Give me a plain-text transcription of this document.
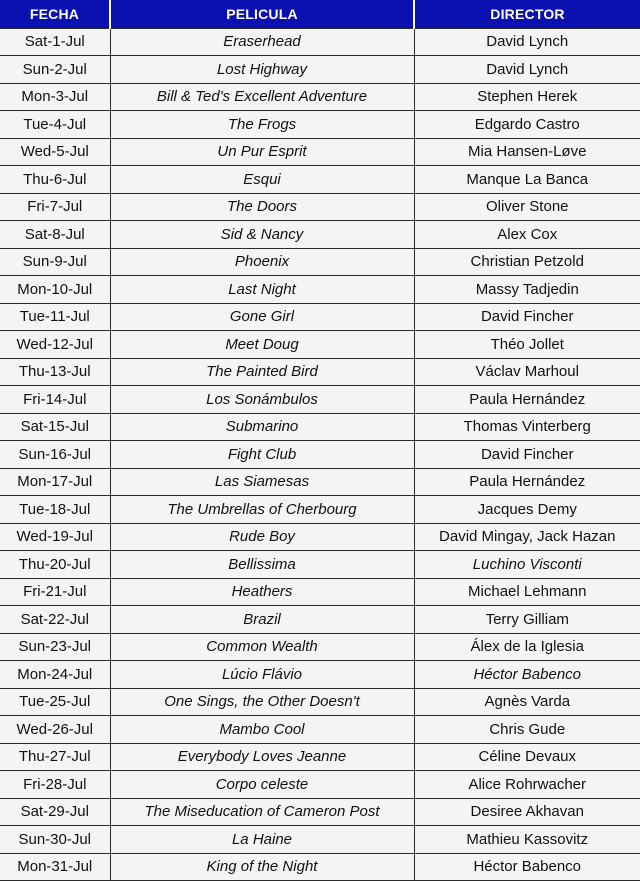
FECHA	PELICULA	DIRECTOR
Sat-1-Jul	Eraserhead	David Lynch
Sun-2-Jul	Lost Highway	David Lynch
Mon-3-Jul	Bill & Ted's Excellent Adventure	Stephen Herek
Tue-4-Jul	The Frogs	Edgardo Castro
Wed-5-Jul	Un Pur Esprit	Mia Hansen-Løve
Thu-6-Jul	Esqui	Manque La Banca
Fri-7-Jul	The Doors	Oliver Stone
Sat-8-Jul	Sid & Nancy	Alex Cox
Sun-9-Jul	Phoenix	Christian Petzold
Mon-10-Jul	Last Night	Massy Tadjedin
Tue-11-Jul	Gone Girl	David Fincher
Wed-12-Jul	Meet Doug	Théo Jollet
Thu-13-Jul	The Painted Bird	Václav Marhoul
Fri-14-Jul	Los Sonámbulos	Paula Hernández
Sat-15-Jul	Submarino	Thomas Vinterberg
Sun-16-Jul	Fight Club	David Fincher
Mon-17-Jul	Las Siamesas	Paula Hernández
Tue-18-Jul	The Umbrellas of Cherbourg	Jacques Demy
Wed-19-Jul	Rude Boy	David Mingay, Jack Hazan
Thu-20-Jul	Bellissima	Luchino Visconti
Fri-21-Jul	Heathers	Michael Lehmann
Sat-22-Jul	Brazil	Terry Gilliam
Sun-23-Jul	Common Wealth	Álex de la Iglesia
Mon-24-Jul	Lúcio Flávio	Héctor Babenco
Tue-25-Jul	One Sings, the Other Doesn't	Agnès Varda
Wed-26-Jul	Mambo Cool	Chris Gude
Thu-27-Jul	Everybody Loves Jeanne	Céline Devaux
Fri-28-Jul	Corpo celeste	Alice Rohrwacher
Sat-29-Jul	The Miseducation of Cameron Post	Desiree Akhavan
Sun-30-Jul	La Haine	Mathieu Kassovitz
Mon-31-Jul	King of the Night	Héctor Babenco
